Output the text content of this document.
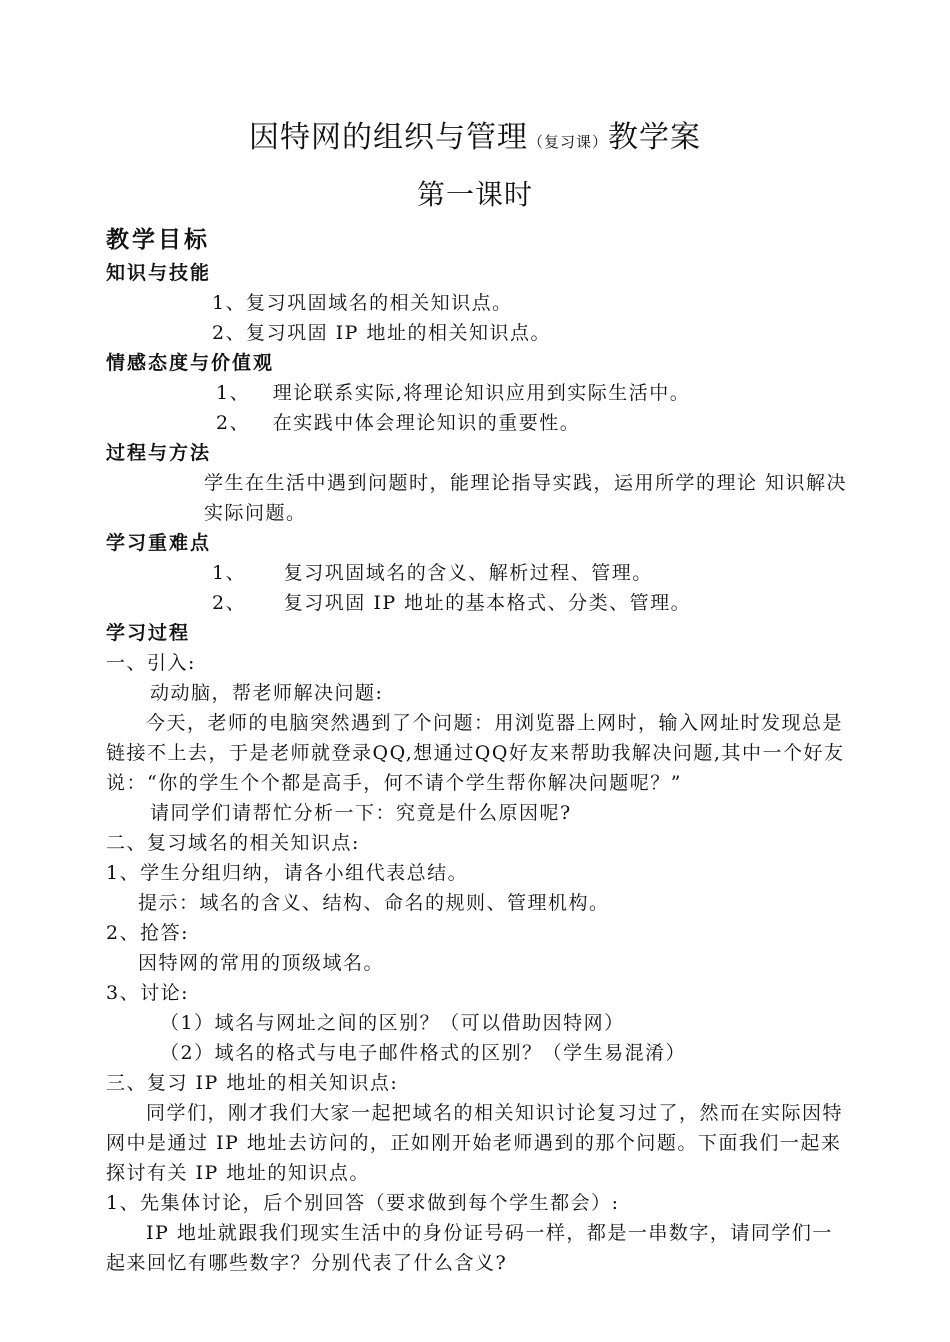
因特网的组织与管理（复习课）教学案
第一课时
教学目标
知识与技能
1、复习巩固域名的相关知识点。
2、复习巩固 IP 地址的相关知识点。
情感态度与价值观
1、   理论联系实际,将理论知识应用到实际生活中。
2、   在实践中体会理论知识的重要性。
过程与方法
学生在生活中遇到问题时，能理论指导实践，运用所学的理论 知识解决实际问题。
学习重难点
1、     复习巩固域名的含义、解析过程、管理。
2、     复习巩固 IP 地址的基本格式、分类、管理。
学习过程
一、引入:
动动脑，帮老师解决问题:
今天，老师的电脑突然遇到了个问题：用浏览器上网时，输入网址时发现总是链接不上去，于是老师就登录QQ,想通过QQ好友来帮助我解决问题,其中一个好友说：“你的学生个个都是高手，何不请个学生帮你解决问题呢？”
请同学们请帮忙分析一下：究竟是什么原因呢?
二、复习域名的相关知识点:
1、学生分组归纳，请各小组代表总结。
提示：域名的含义、结构、命名的规则、管理机构。
2、抢答:
因特网的常用的顶级域名。
3、讨论:
（1）域名与网址之间的区别？（可以借助因特网）
（2）域名的格式与电子邮件格式的区别？（学生易混淆）
三、复习 IP 地址的相关知识点:
同学们，刚才我们大家一起把域名的相关知识讨论复习过了，然而在实际因特网中是通过 IP 地址去访问的，正如刚开始老师遇到的那个问题。下面我们一起来探讨有关 IP 地址的知识点。
1、先集体讨论，后个别回答（要求做到每个学生都会）:
IP 地址就跟我们现实生活中的身份证号码一样，都是一串数字，请同学们一起来回忆有哪些数字？分别代表了什么含义?
